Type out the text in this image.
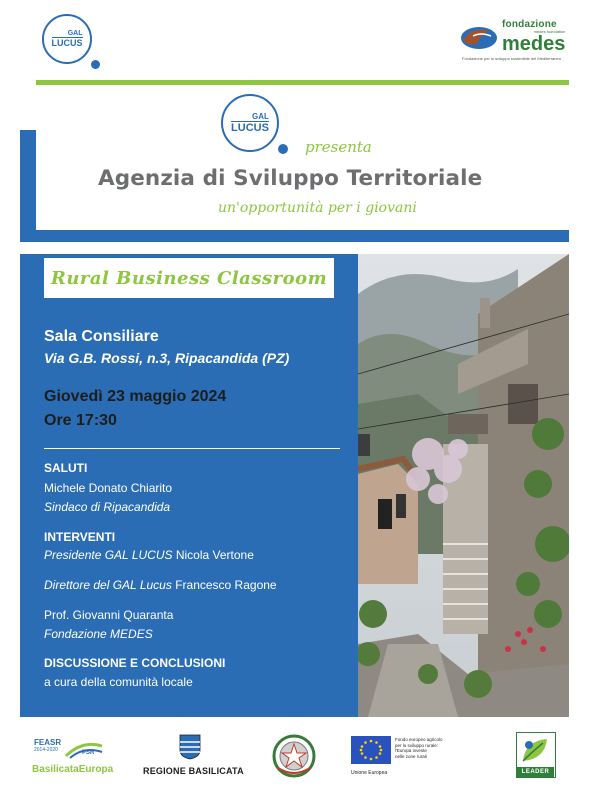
GAL
LUCUS
fondazione
medes foundation
medes
Fondazione per lo sviluppo sostenibile del Mediterraneo
GAL
LUCUS
presenta
Agenzia di Sviluppo Territoriale
un'opportunità per i giovani
Rural Business Classroom
Sala Consiliare
Via G.B. Rossi, n.3, Ripacandida (PZ)
Giovedì 23 maggio 2024
Ore 17:30
SALUTI
Michele Donato Chiarito
Sindaco di Ripacandida
INTERVENTI
Presidente GAL LUCUS Nicola Vertone
Direttore del GAL Lucus Francesco Ragone
Prof. Giovanni Quaranta
Fondazione MEDES
DISCUSSIONE E CONCLUSIONI
a cura della comunità locale
FEASR
2014-2020	PSR
BasilicataEuropa	REGIONE BASILICATA
Fondo europeo agricolo
per lo sviluppo rurale:
l'Europa investe
nelle zone rurali
Unione Europea	LEADER
